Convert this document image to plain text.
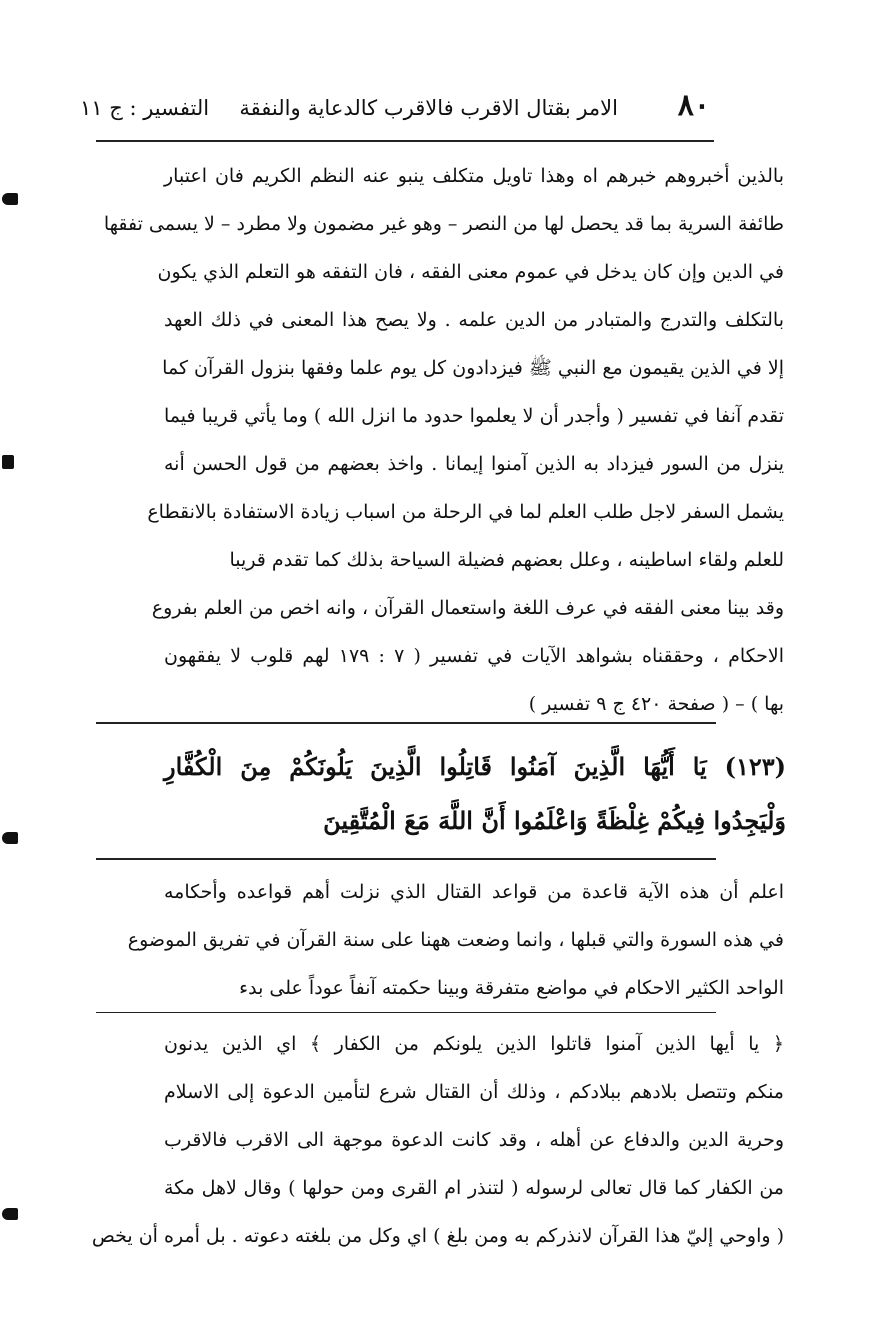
٨٠
الامر بقتال الاقرب فالاقرب كالدعاية والنفقة
التفسير : ج ١١
بالذين أخبروهم خبرهم اه وهذا تاويل متكلف ينبو عنه النظم الكريم فان اعتبار
طائفة السرية بما قد يحصل لها من النصر – وهو غير مضمون ولا مطرد – لا يسمى تفقها
في الدين وإن كان يدخل في عموم معنى الفقه ، فان التفقه هو التعلم الذي يكون
بالتكلف والتدرج والمتبادر من الدين علمه . ولا يصح هذا المعنى في ذلك العهد
إلا في الذين يقيمون مع النبي ﷺ فيزدادون كل يوم علما وفقها بنزول القرآن كما
تقدم آنفا في تفسير ( وأجدر أن لا يعلموا حدود ما انزل الله ) وما يأتي قريبا فيما
ينزل من السور فيزداد به الذين آمنوا إيمانا . واخذ بعضهم من قول الحسن أنه
يشمل السفر لاجل طلب العلم لما في الرحلة من اسباب زيادة الاستفادة بالانقطاع
للعلم ولقاء اساطينه ، وعلل بعضهم فضيلة السياحة بذلك كما تقدم قريبا
وقد بينا معنى الفقه في عرف اللغة واستعمال القرآن ، وانه اخص من العلم بفروع
الاحكام ، وحققناه بشواهد الآيات في تفسير ( ٧ : ١٧٩ لهم قلوب لا يفقهون
بها ) – ( صفحة ٤٢٠ ج ٩ تفسير )
(١٢٣) يَا أَيُّهَا الَّذِينَ آمَنُوا قَاتِلُوا الَّذِينَ يَلُونَكُمْ مِنَ الْكُفَّارِ
وَلْيَجِدُوا فِيكُمْ غِلْظَةً وَاعْلَمُوا أَنَّ اللَّهَ مَعَ الْمُتَّقِينَ
اعلم أن هذه الآية قاعدة من قواعد القتال الذي نزلت أهم قواعده وأحكامه
في هذه السورة والتي قبلها ، وانما وضعت ههنا على سنة القرآن في تفريق الموضوع
الواحد الكثير الاحكام في مواضع متفرقة وبينا حكمته آنفاً عوداً على بدء
﴿ يا أيها الذين آمنوا قاتلوا الذين يلونكم من الكفار ﴾ اي الذين يدنون
منكم وتتصل بلادهم ببلادكم ، وذلك أن القتال شرع لتأمين الدعوة إلى الاسلام
وحرية الدين والدفاع عن أهله ، وقد كانت الدعوة موجهة الى الاقرب فالاقرب
من الكفار كما قال تعالى لرسوله ( لتنذر ام القرى ومن حولها ) وقال لاهل مكة
( واوحي إليّ هذا القرآن لانذركم به ومن بلغ ) اي وكل من بلغته دعوته . بل أمره أن يخص
